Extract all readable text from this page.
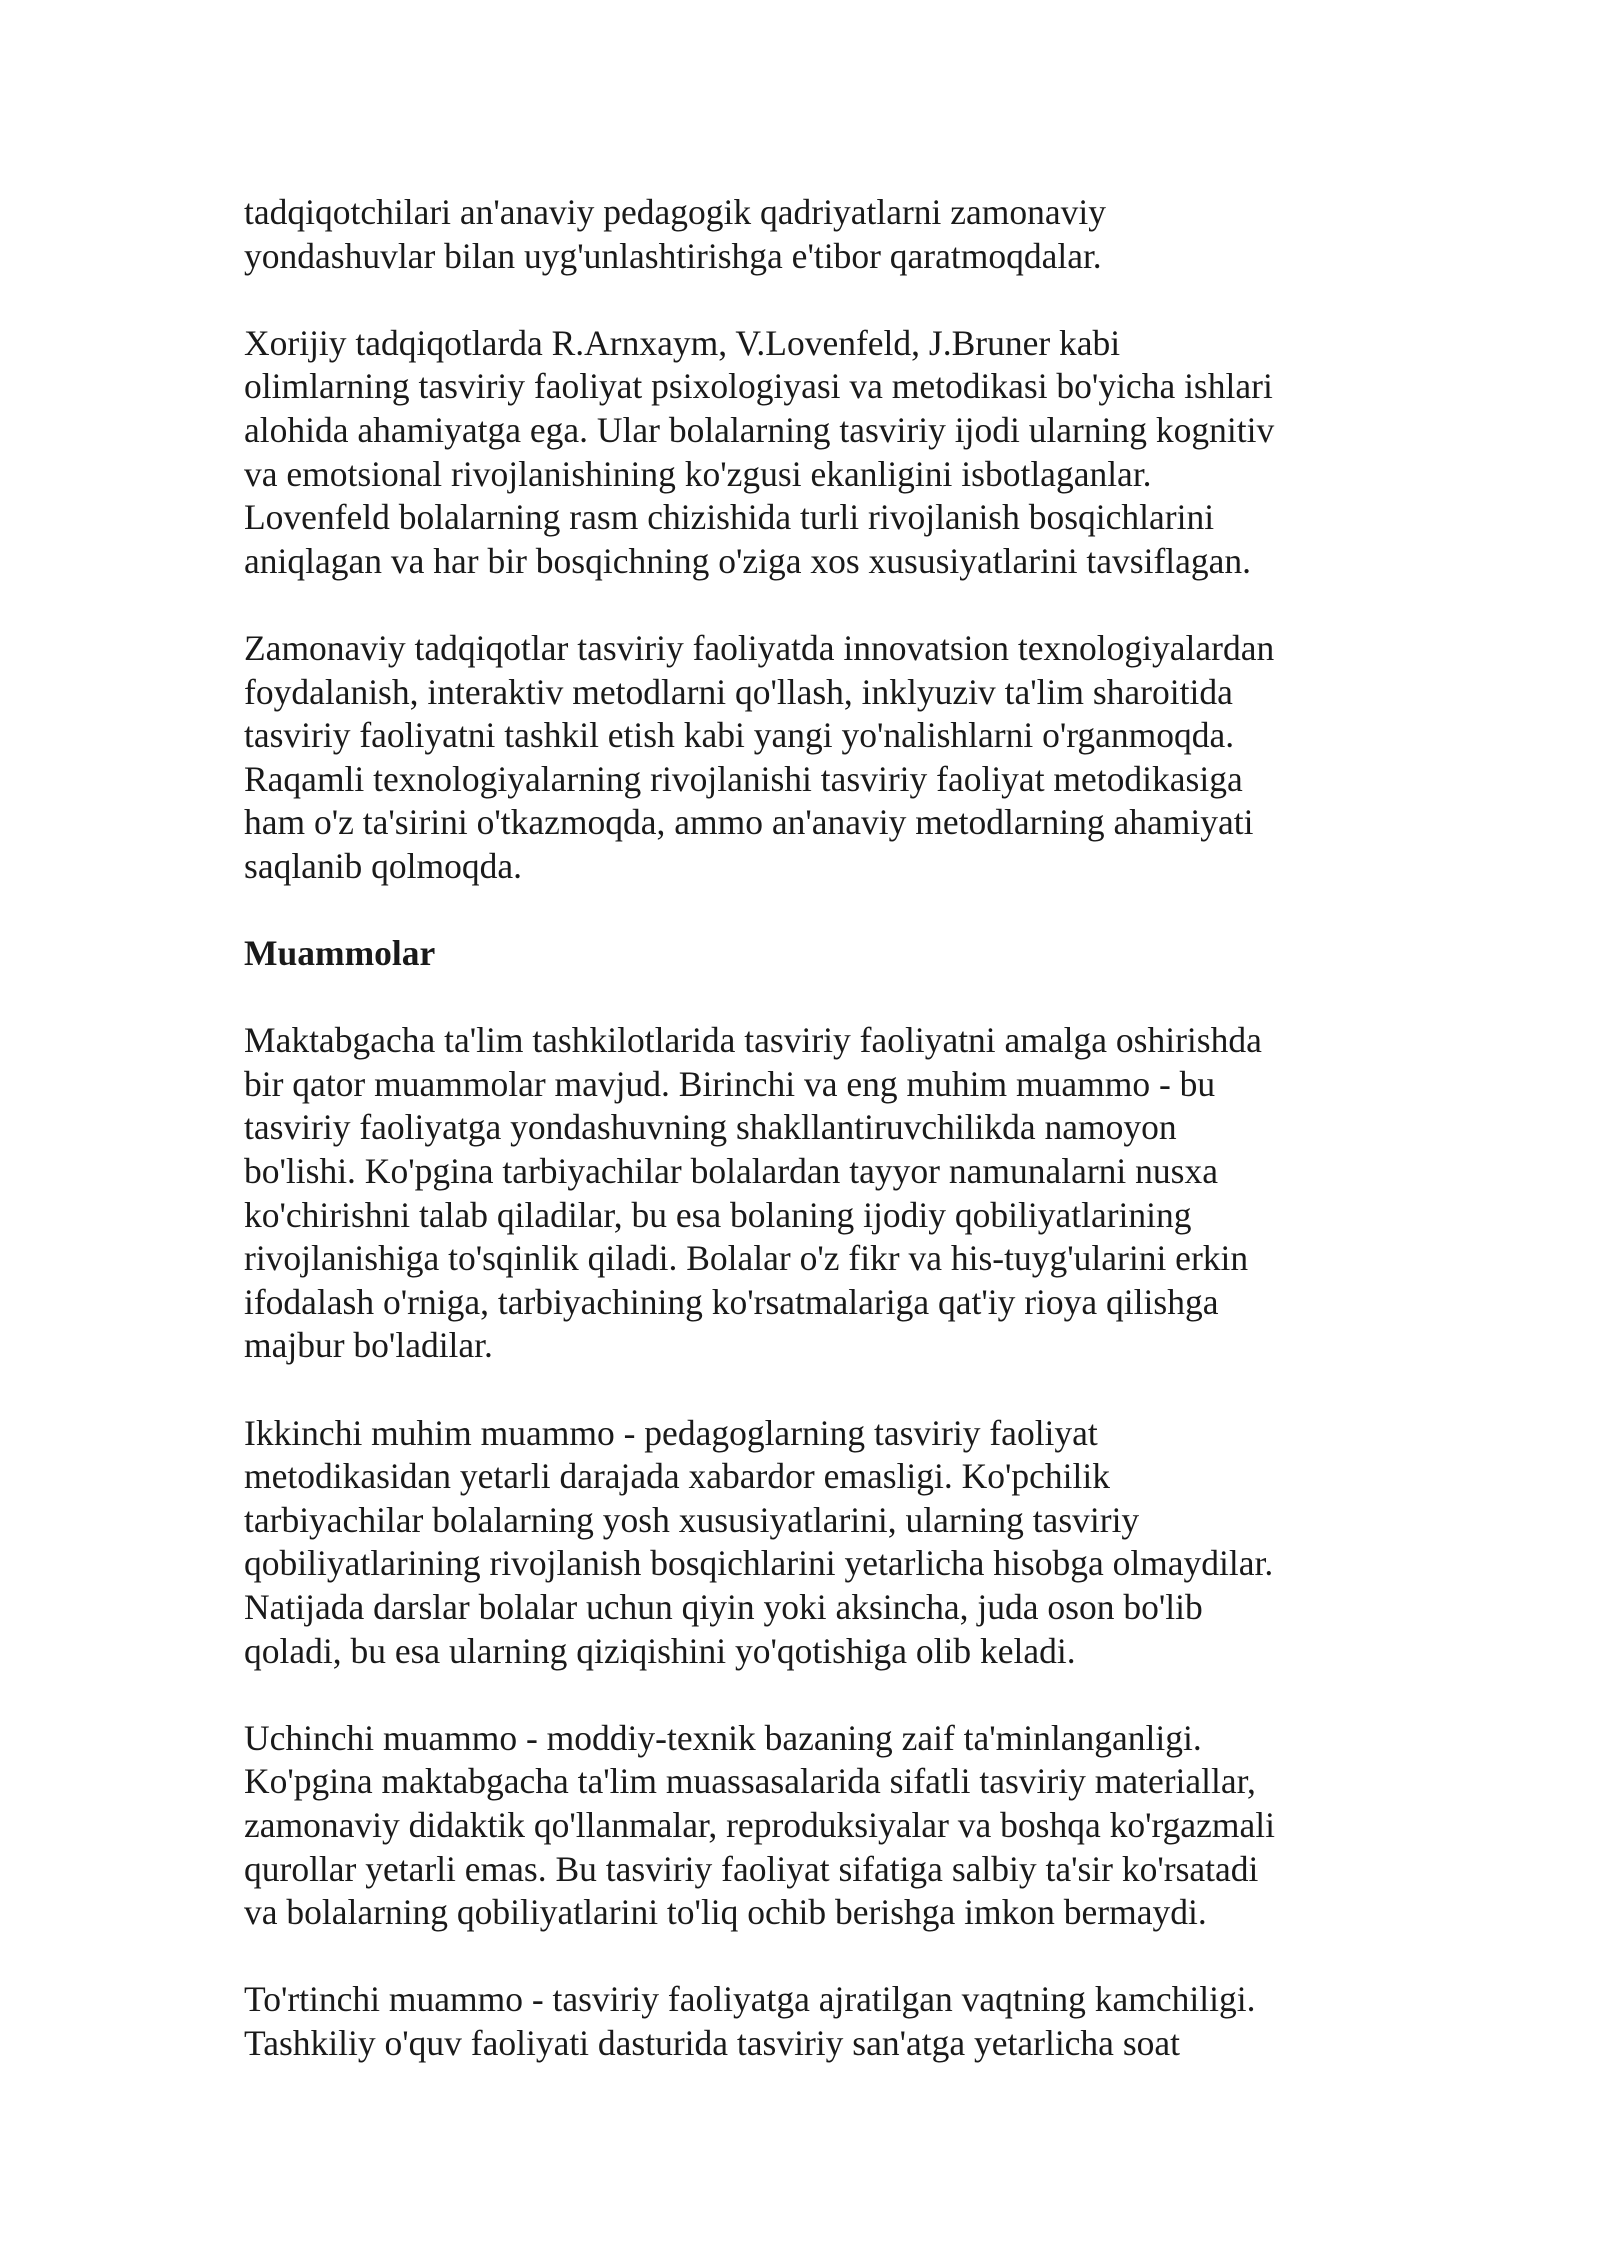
tadqiqotchilari an'anaviy pedagogik qadriyatlarni zamonaviy
yondashuvlar bilan uyg'unlashtirishga e'tibor qaratmoqdalar.

Xorijiy tadqiqotlarda R.Arnxaym, V.Lovenfeld, J.Bruner kabi
olimlarning tasviriy faoliyat psixologiyasi va metodikasi bo'yicha ishlari
alohida ahamiyatga ega. Ular bolalarning tasviriy ijodi ularning kognitiv
va emotsional rivojlanishining ko'zgusi ekanligini isbotlaganlar.
Lovenfeld bolalarning rasm chizishida turli rivojlanish bosqichlarini
aniqlagan va har bir bosqichning o'ziga xos xususiyatlarini tavsiflagan.

Zamonaviy tadqiqotlar tasviriy faoliyatda innovatsion texnologiyalardan
foydalanish, interaktiv metodlarni qo'llash, inklyuziv ta'lim sharoitida
tasviriy faoliyatni tashkil etish kabi yangi yo'nalishlarni o'rganmoqda.
Raqamli texnologiyalarning rivojlanishi tasviriy faoliyat metodikasiga
ham o'z ta'sirini o'tkazmoqda, ammo an'anaviy metodlarning ahamiyati
saqlanib qolmoqda.

Muammolar

Maktabgacha ta'lim tashkilotlarida tasviriy faoliyatni amalga oshirishda
bir qator muammolar mavjud. Birinchi va eng muhim muammo - bu
tasviriy faoliyatga yondashuvning shakllantiruvchilikda namoyon
bo'lishi. Ko'pgina tarbiyachilar bolalardan tayyor namunalarni nusxa
ko'chirishni talab qiladilar, bu esa bolaning ijodiy qobiliyatlarining
rivojlanishiga to'sqinlik qiladi. Bolalar o'z fikr va his-tuyg'ularini erkin
ifodalash o'rniga, tarbiyachining ko'rsatmalariga qat'iy rioya qilishga
majbur bo'ladilar.

Ikkinchi muhim muammo - pedagoglarning tasviriy faoliyat
metodikasidan yetarli darajada xabardor emasligi. Ko'pchilik
tarbiyachilar bolalarning yosh xususiyatlarini, ularning tasviriy
qobiliyatlarining rivojlanish bosqichlarini yetarlicha hisobga olmaydilar.
Natijada darslar bolalar uchun qiyin yoki aksincha, juda oson bo'lib
qoladi, bu esa ularning qiziqishini yo'qotishiga olib keladi.

Uchinchi muammo - moddiy-texnik bazaning zaif ta'minlanganligi.
Ko'pgina maktabgacha ta'lim muassasalarida sifatli tasviriy materiallar,
zamonaviy didaktik qo'llanmalar, reproduksiyalar va boshqa ko'rgazmali
qurollar yetarli emas. Bu tasviriy faoliyat sifatiga salbiy ta'sir ko'rsatadi
va bolalarning qobiliyatlarini to'liq ochib berishga imkon bermaydi.

To'rtinchi muammo - tasviriy faoliyatga ajratilgan vaqtning kamchiligi.
Tashkiliy o'quv faoliyati dasturida tasviriy san'atga yetarlicha soat
